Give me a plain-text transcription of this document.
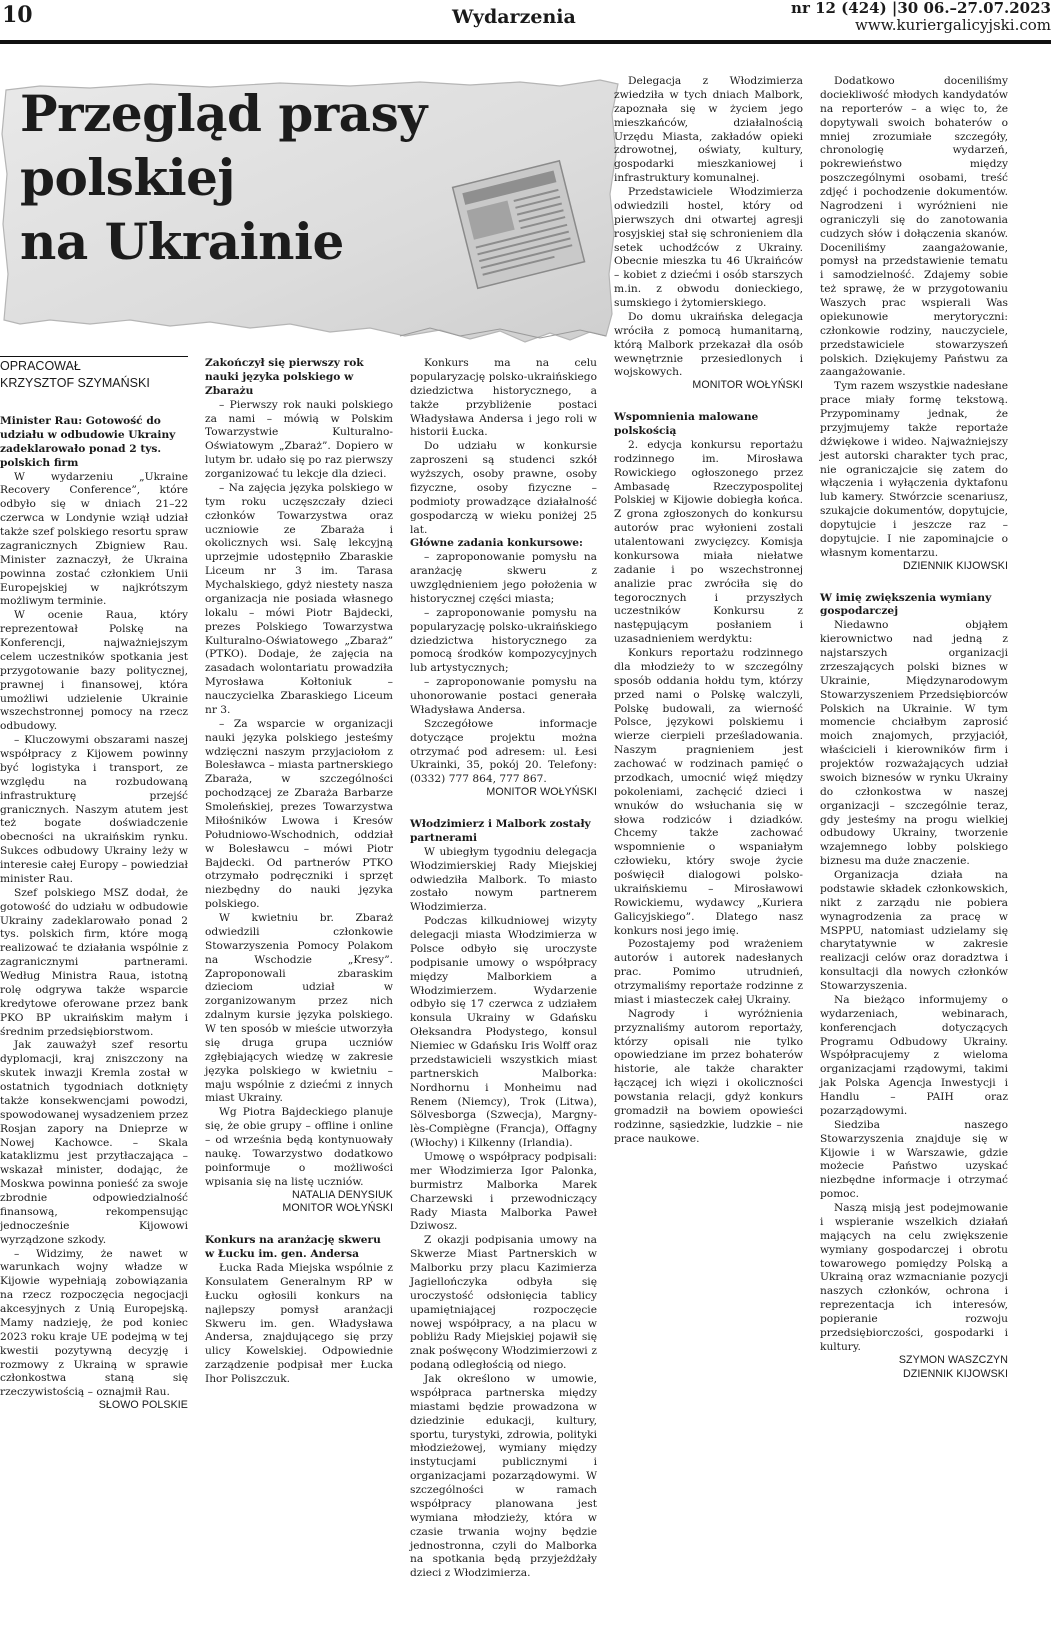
10	Wydarzenia	nr 12 (424) |30 06.–27.07.2023
www.kuriergalicyjski.com
Przegląd prasy
polskiej
na Ukrainie
OPRACOWAŁ
KRZYSZTOF SZYMAŃSKI
Minister Rau: Gotowość do udziału w odbudowie Ukrainy zadeklarowało ponad 2 tys. polskich firm

W wydarzeniu „Ukraine Recovery Conference”, które odbyło się w dniach 21–22 czerwca w Londynie wziął udział także szef polskiego resortu spraw zagranicznych Zbigniew Rau. Minister zaznaczył, że Ukraina powinna zostać członkiem Unii Europejskiej w najkrótszym możliwym terminie.

W ocenie Raua, który reprezentował Polskę na Konferencji, najważniejszym celem uczestników spotkania jest przygotowanie bazy politycznej, prawnej i finansowej, która umożliwi udzielenie Ukrainie wszechstronnej pomocy na rzecz odbudowy.

– Kluczowymi obszarami naszej współpracy z Kijowem powinny być logistyka i transport, ze względu na rozbudowaną infrastrukturę przejść granicznych. Naszym atutem jest też bogate doświadczenie obecności na ukraińskim rynku. Sukces odbudowy Ukrainy leży w interesie całej Europy – powiedział minister Rau.

Szef polskiego MSZ dodał, że gotowość do udziału w odbudowie Ukrainy zadeklarowało ponad 2 tys. polskich firm, które mogą realizować te działania wspólnie z zagranicznymi partnerami. Według Ministra Raua, istotną rolę odgrywa także wsparcie kredytowe oferowane przez bank PKO BP ukraińskim małym i średnim przedsiębiorstwom.

Jak zauważył szef resortu dyplomacji, kraj zniszczony na skutek inwazji Kremla został w ostatnich tygodniach dotknięty także konsekwencjami powodzi, spowodowanej wysadzeniem przez Rosjan zapory na Dnieprze w Nowej Kachowce. – Skala kataklizmu jest przytłaczająca – wskazał minister, dodając, że Moskwa powinna ponieść za swoje zbrodnie odpowiedzialność finansową, rekompensując jednocześnie Kijowowi wyrządzone szkody.

– Widzimy, że nawet w warunkach wojny władze w Kijowie wypełniają zobowiązania na rzecz rozpoczęcia negocjacji akcesyjnych z Unią Europejską. Mamy nadzieję, że pod koniec 2023 roku kraje UE podejmą w tej kwestii pozytywną decyzję i rozmowy z Ukrainą w sprawie członkostwa staną się rzeczywistością – oznajmił Rau.

SŁOWO POLSKIE
Zakończył się pierwszy rok nauki języka polskiego w Zbarażu

– Pierwszy rok nauki polskiego za nami – mówią w Polskim Towarzystwie Kulturalno-Oświatowym „Zbaraż”. Dopiero w lutym br. udało się po raz pierwszy zorganizować tu lekcje dla dzieci.

– Na zajęcia języka polskiego w tym roku uczęszczały dzieci członków Towarzystwa oraz uczniowie ze Zbaraża i okolicznych wsi. Salę lekcyjną uprzejmie udostępniło Zbaraskie Liceum nr 3 im. Tarasa Mychalskiego, gdyż niestety nasza organizacja nie posiada własnego lokalu – mówi Piotr Bajdecki, prezes Polskiego Towarzystwa Kulturalno-Oświatowego „Zbaraż” (PTKO). Dodaje, że zajęcia na zasadach wolontariatu prowadziła Myrosława Kołtoniuk – nauczycielka Zbaraskiego Liceum nr 3.

– Za wsparcie w organizacji nauki języka polskiego jesteśmy wdzięczni naszym przyjaciołom z Bolesławca – miasta partnerskiego Zbaraża, w szczególności pochodzącej ze Zbaraża Barbarze Smoleńskiej, prezes Towarzystwa Miłośników Lwowa i Kresów Południowo-Wschodnich, oddział w Bolesławcu – mówi Piotr Bajdecki. Od partnerów PTKO otrzymało podręczniki i sprzęt niezbędny do nauki języka polskiego.

W kwietniu br. Zbaraż odwiedzili członkowie Stowarzyszenia Pomocy Polakom na Wschodzie „Kresy”. Zaproponowali zbaraskim dzieciom udział w zorganizowanym przez nich zdalnym kursie języka polskiego. W ten sposób w mieście utworzyła się druga grupa uczniów zgłębiających wiedzę w zakresie języka polskiego w kwietniu – maju wspólnie z dziećmi z innych miast Ukrainy.

Wg Piotra Bajdeckiego planuje się, że obie grupy – offline i online – od września będą kontynuowały naukę. Towarzystwo dodatkowo poinformuje o możliwości wpisania się na listę uczniów.

NATALIA DENYSIUK
MONITOR WOŁYŃSKI
Konkurs na aranżację skweru w Łucku im. gen. Andersa

Łucka Rada Miejska wspólnie z Konsulatem Generalnym RP w Łucku ogłosili konkurs na najlepszy pomysł aranżacji Skweru im. gen. Władysława Andersa, znajdującego się przy ulicy Kowelskiej. Odpowiednie zarządzenie podpisał mer Łucka Ihor Poliszczuk.

Konkurs ma na celu popularyzację polsko-ukraińskiego dziedzictwa historycznego, a także przybliżenie postaci Władysława Andersa i jego roli w historii Łucka.

Do udziału w konkursie zaproszeni są studenci szkół wyższych, osoby prawne, osoby fizyczne, osoby fizyczne – podmioty prowadzące działalność gospodarczą w wieku poniżej 25 lat.

Główne zadania konkursowe:

– zaproponowanie pomysłu na aranżację skweru z uwzględnieniem jego położenia w historycznej części miasta;

– zaproponowanie pomysłu na popularyzację polsko-ukraińskiego dziedzictwa historycznego za pomocą środków kompozycyjnych lub artystycznych;

– zaproponowanie pomysłu na uhonorowanie postaci generała Władysława Andersa.

Szczegółowe informacje dotyczące projektu można otrzymać pod adresem: ul. Łesi Ukrainki, 35, pokój 20. Telefony: (0332) 777 864, 777 867.

MONITOR WOŁYŃSKI
Włodzimierz i Malbork zostały partnerami

W ubiegłym tygodniu delegacja Włodzimierskiej Rady Miejskiej odwiedziła Malbork. To miasto zostało nowym partnerem Włodzimierza.

Podczas kilkudniowej wizyty delegacji miasta Włodzimierza w Polsce odbyło się uroczyste podpisanie umowy o współpracy między Malborkiem a Włodzimierzem. Wydarzenie odbyło się 17 czerwca z udziałem konsula Ukrainy w Gdańsku Ołeksandra Płodystego, konsul Niemiec w Gdańsku Iris Wolff oraz przedstawicieli wszystkich miast partnerskich Malborka: Nordhornu i Monheimu nad Renem (Niemcy), Trok (Litwa), Sölvesborga (Szwecja), Margny-lès-Compiègne (Francja), Offagny (Włochy) i Kilkenny (Irlandia).

Umowę o współpracy podpisali: mer Włodzimierza Igor Palonka, burmistrz Malborka Marek Charzewski i przewodniczący Rady Miasta Malborka Paweł Dziwosz.

Z okazji podpisania umowy na Skwerze Miast Partnerskich w Malborku przy placu Kazimierza Jagiellończyka odbyła się uroczystość odsłonięcia tablicy upamiętniającej rozpoczęcie nowej współpracy, a na placu w pobliżu Rady Miejskiej pojawił się znak pośwęcony Włodzimierzowi z podaną odległością od niego.

Jak określono w umowie, współpraca partnerska między miastami będzie prowadzona w dziedzinie edukacji, kultury, sportu, turystyki, zdrowia, polityki młodzieżowej, wymiany między instytucjami publicznymi i organizacjami pozarządowymi. W szczególności w ramach współpracy planowana jest wymiana młodzieży, która w czasie trwania wojny będzie jednostronna, czyli do Malborka na spotkania będą przyjeżdżały dzieci z Włodzimierza.

Delegacja z Włodzimierza zwiedziła w tych dniach Malbork, zapoznała się w życiem jego mieszkańców, działalnością Urzędu Miasta, zakładów opieki zdrowotnej, oświaty, kultury, gospodarki mieszkaniowej i infrastruktury komunalnej.

Przedstawiciele Włodzimierza odwiedzili hostel, który od pierwszych dni otwartej agresji rosyjskiej stał się schronieniem dla setek uchodźców z Ukrainy. Obecnie mieszka tu 46 Ukraińców – kobiet z dziećmi i osób starszych m.in. z obwodu donieckiego, sumskiego i żytomierskiego.

Do domu ukraińska delegacja wróciła z pomocą humanitarną, którą Malbork przekazał dla osób wewnętrznie przesiedlonych i wojskowych.

MONITOR WOŁYŃSKI
Wspomnienia malowane polskością

2. edycja konkursu reportażu rodzinnego im. Mirosława Rowickiego ogłoszonego przez Ambasadę Rzeczypospolitej Polskiej w Kijowie dobiegła końca. Z grona zgłoszonych do konkursu autorów prac wyłonieni zostali utalentowani zwycięzcy. Komisja konkursowa miała niełatwe zadanie i po wszechstronnej analizie prac zwróciła się do tegorocznych i przyszłych uczestników Konkursu z następującym posłaniem i uzasadnieniem werdyktu:

Konkurs reportażu rodzinnego dla młodzieży to w szczególny sposób oddania hołdu tym, którzy przed nami o Polskę walczyli, Polskę budowali, za wierność Polsce, językowi polskiemu i wierze cierpieli prześladowania. Naszym pragnieniem jest zachować w rodzinach pamięć o przodkach, umocnić więź między pokoleniami, zachęcić dzieci i wnuków do wsłuchania się w słowa rodziców i dziadków. Chcemy także zachować wspomnienie o wspaniałym człowieku, który swoje życie poświęcił dialogowi polsko-ukraińskiemu – Mirosławowi Rowickiemu, wydawcy „Kuriera Galicyjskiego”. Dlatego nasz konkurs nosi jego imię.

Pozostajemy pod wrażeniem autorów i autorek nadesłanych prac. Pomimo utrudnień, otrzymaliśmy reportaże rodzinne z miast i miasteczek całej Ukrainy.

Nagrody i wyróżnienia przyznaliśmy autorom reportaży, którzy opisali nie tylko opowiedziane im przez bohaterów historie, ale także charakter łączącej ich więzi i okoliczności powstania relacji, gdyż konkurs gromadził na bowiem opowieści rodzinne, sąsiedzkie, ludzkie – nie prace naukowe.

Dodatkowo doceniliśmy dociekliwość młodych kandydatów na reporterów – a więc to, że dopytywali swoich bohaterów o mniej zrozumiałe szczegóły, chronologię wydarzeń, pokrewieństwo między poszczególnymi osobami, treść zdjęć i pochodzenie dokumentów. Nagrodzeni i wyróżnieni nie ograniczyli się do zanotowania cudzych słów i dołączenia skanów. Doceniliśmy zaangażowanie, pomysł na przedstawienie tematu i samodzielność. Zdajemy sobie też sprawę, że w przygotowaniu Waszych prac wspierali Was opiekunowie merytoryczni: członkowie rodziny, nauczyciele, przedstawiciele stowarzyszeń polskich. Dziękujemy Państwu za zaangażowanie.

Tym razem wszystkie nadesłane prace miały formę tekstową. Przypominamy jednak, że przyjmujemy także reportaże dźwiękowe i wideo. Najważniejszy jest autorski charakter tych prac, nie ograniczajcie się zatem do włączenia i wyłączenia dyktafonu lub kamery. Stwórzcie scenariusz, szukajcie dokumentów, dopytujcie, dopytujcie i jeszcze raz – dopytujcie. I nie zapominajcie o własnym komentarzu.

DZIENNIK KIJOWSKI
W imię zwiększenia wymiany gospodarczej

Niedawno objąłem kierownictwo nad jedną z najstarszych organizacji zrzeszających polski biznes w Ukrainie, Międzynarodowym Stowarzyszeniem Przedsiębiorców Polskich na Ukrainie. W tym momencie chciałbym zaprosić moich znajomych, przyjaciół, właścicieli i kierowników firm i projektów rozważających udział swoich biznesów w rynku Ukrainy do członkostwa w naszej organizacji – szczególnie teraz, gdy jesteśmy na progu wielkiej odbudowy Ukrainy, tworzenie wzajemnego lobby polskiego biznesu ma duże znaczenie.

Organizacja działa na podstawie składek członkowskich, nikt z zarządu nie pobiera wynagrodzenia za pracę w MSPPU, natomiast udzielamy się charytatywnie w zakresie realizacji celów oraz doradztwa i konsultacji dla nowych członków Stowarzyszenia.

Na bieżąco informujemy o wydarzeniach, webinarach, konferencjach dotyczących Programu Odbudowy Ukrainy. Współpracujemy z wieloma organizacjami rządowymi, takimi jak Polska Agencja Inwestycji i Handlu – PAIH oraz pozarządowymi.

Siedziba naszego Stowarzyszenia znajduje się w Kijowie i w Warszawie, gdzie możecie Państwo uzyskać niezbędne informacje i otrzymać pomoc.

Naszą misją jest podejmowanie i wspieranie wszelkich działań mających na celu zwiększenie wymiany gospodarczej i obrotu towarowego pomiędzy Polską a Ukrainą oraz wzmacnianie pozycji naszych członków, ochrona i reprezentacja ich interesów, popieranie rozwoju przedsiębiorczości, gospodarki i kultury.

SZYMON WASZCZYN
DZIENNIK KIJOWSKI
